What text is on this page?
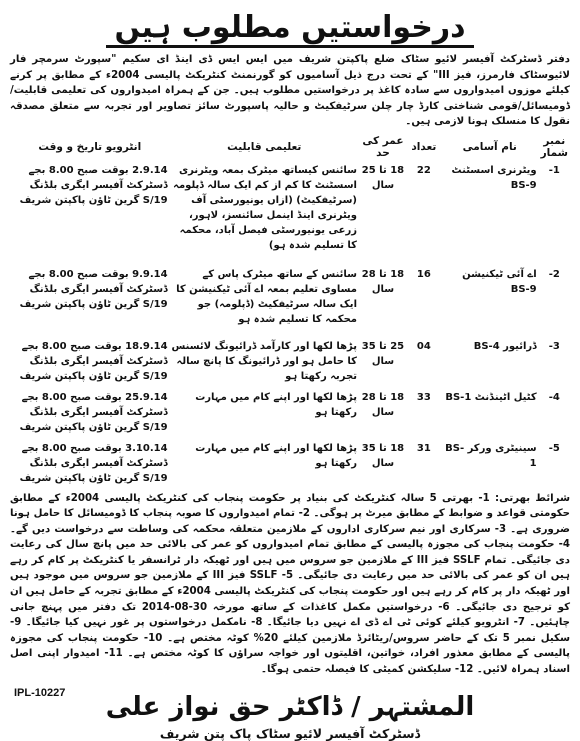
درخواستیں مطلوب ہیں

دفتر ڈسٹرکٹ آفیسر لائیو سٹاک ضلع پاکپتن شریف میں ایس ایس ڈی اینڈ ای سکیم "سپورٹ سرمچر فار لائیوسٹاک فارمرز، فیز III" کے تحت درج ذیل آسامیوں کو گورنمنٹ کنٹریکٹ پالیسی 2004ء کے مطابق پر کرنے کیلئے موزوں امیدواروں سے سادہ کاغذ پر درخواستیں مطلوب ہیں۔ جن کے ہمراہ امیدواروں کی تعلیمی قابلیت/ڈومیسائل/قومی شناختی کارڈ چار چلن سرٹیفکیٹ و حالیہ پاسپورٹ سائز تصاویر اور تجربہ سے متعلق مصدقہ نقول کا منسلک ہونا لازمی ہیں۔

نمبر شمار	نام آسامی	تعداد	عمر کی حد	تعلیمی قابلیت	انٹرویو تاریخ و وقت
1-	ویٹرنری اسسٹنٹ BS-9	22	18 تا 25 سال	سائنس کیساتھ میٹرک بمعہ ویٹرنری اسسٹنٹ کا کم از کم ایک سالہ ڈپلومہ (سرٹیفکیٹ) (ازاں یونیورسٹی آف ویٹرنری اینڈ اینمل سائنسز، لاہور، زرعی یونیورسٹی فیصل آباد، محکمہ کا تسلیم شدہ ہو)	2.9.14 بوقت صبح 8.00 بجے ڈسٹرکٹ آفیسر ایگری بلڈنگ 19/S گرین ٹاؤن پاکپتن شریف
2-	اے آئی ٹیکنیشن BS-9	16	18 تا 28 سال	سائنس کے ساتھ میٹرک پاس کے مساوی تعلیم بمعہ اے آئی ٹیکنیشن کا ایک سالہ سرٹیفکیٹ (ڈپلومہ) جو محکمہ کا تسلیم شدہ ہو	9.9.14 بوقت صبح 8.00 بجے ڈسٹرکٹ آفیسر ایگری بلڈنگ 19/S گرین ٹاؤن پاکپتن شریف
3-	ڈرائیور BS-4	04	25 تا 35 سال	پڑھا لکھا اور کارآمد ڈرائیونگ لائسنس کا حامل ہو اور ڈرائیونگ کا پانچ سالہ تجربہ رکھتا ہو	18.9.14 بوقت صبح 8.00 بجے ڈسٹرکٹ آفیسر ایگری بلڈنگ 19/S گرین ٹاؤن پاکپتن شریف
4-	کٹیل اٹینڈنٹ BS-1	33	18 تا 28 سال	پڑھا لکھا اور اپنے کام میں مہارت رکھتا ہو	25.9.14 بوقت صبح 8.00 بجے ڈسٹرکٹ آفیسر ایگری بلڈنگ 19/S گرین ٹاؤن پاکپتن شریف
5-	سینیٹری ورکر BS-1	31	18 تا 35 سال	پڑھا لکھا اور اپنے کام میں مہارت رکھتا ہو	3.10.14 بوقت صبح 8.00 بجے ڈسٹرکٹ آفیسر ایگری بلڈنگ 19/S گرین ٹاؤن پاکپتن شریف

شرائط بھرتی: 1- بھرتی 5 سالہ کنٹریکٹ کی بنیاد پر حکومت پنجاب کی کنٹریکٹ پالیسی 2004ء کے مطابق حکومتی قواعد و ضوابط کے مطابق میرٹ پر ہوگی۔ 2- تمام امیدواروں کا صوبہ پنجاب کا ڈومیسائل کا حامل ہونا ضروری ہے۔ 3- سرکاری اور نیم سرکاری اداروں کے ملازمین متعلقہ محکمہ کی وساطت سے درخواست دیں گے۔ 4- حکومت پنجاب کی مجوزہ پالیسی کے مطابق تمام امیدواروں کو عمر کی بالائی حد میں پانچ سال کی رعایت دی جائیگی۔ تمام SSLF فیز III کے ملازمین جو سروس میں ہیں اور ٹھیکہ دار ٹرانسفر یا کنٹریکٹ پر کام کر رہے ہیں ان کو عمر کی بالائی حد میں رعایت دی جائیگی۔ 5- SSLF فیز III کے ملازمین جو سروس میں موجود ہیں اور ٹھیکہ دار پر کام کر رہے ہیں اور حکومت پنجاب کی کنٹریکٹ پالیسی 2004ء کے مطابق تجربہ کے حامل ہیں ان کو ترجیح دی جائیگی۔ 6- درخواستیں مکمل کاغذات کے ساتھ مورخہ 30-08-2014 تک دفتر میں پہنچ جانی چاہئیں۔ 7- انٹرویو کیلئے کوئی ٹی اے ڈی اے نہیں دیا جائیگا۔ 8- نامکمل درخواستوں پر غور نہیں کیا جائیگا۔ 9- سکیل نمبر 5 تک کے حاضر سروس/ریٹائرڈ ملازمین کیلئے 20% کوٹہ مختص ہے۔ 10- حکومت پنجاب کی مجوزہ پالیسی کے مطابق معذور افراد، خواتین، اقلیتوں اور خواجہ سراؤں کا کوٹہ مختص ہے۔ 11- امیدوار اپنی اصل اسناد ہمراہ لائیں۔ 12- سلیکشن کمیٹی کا فیصلہ حتمی ہوگا۔

المشتہر / ڈاکٹر حق نواز علی
ڈسٹرکٹ آفیسر لائیو سٹاک پاک پتن شریف
IPL-10227
